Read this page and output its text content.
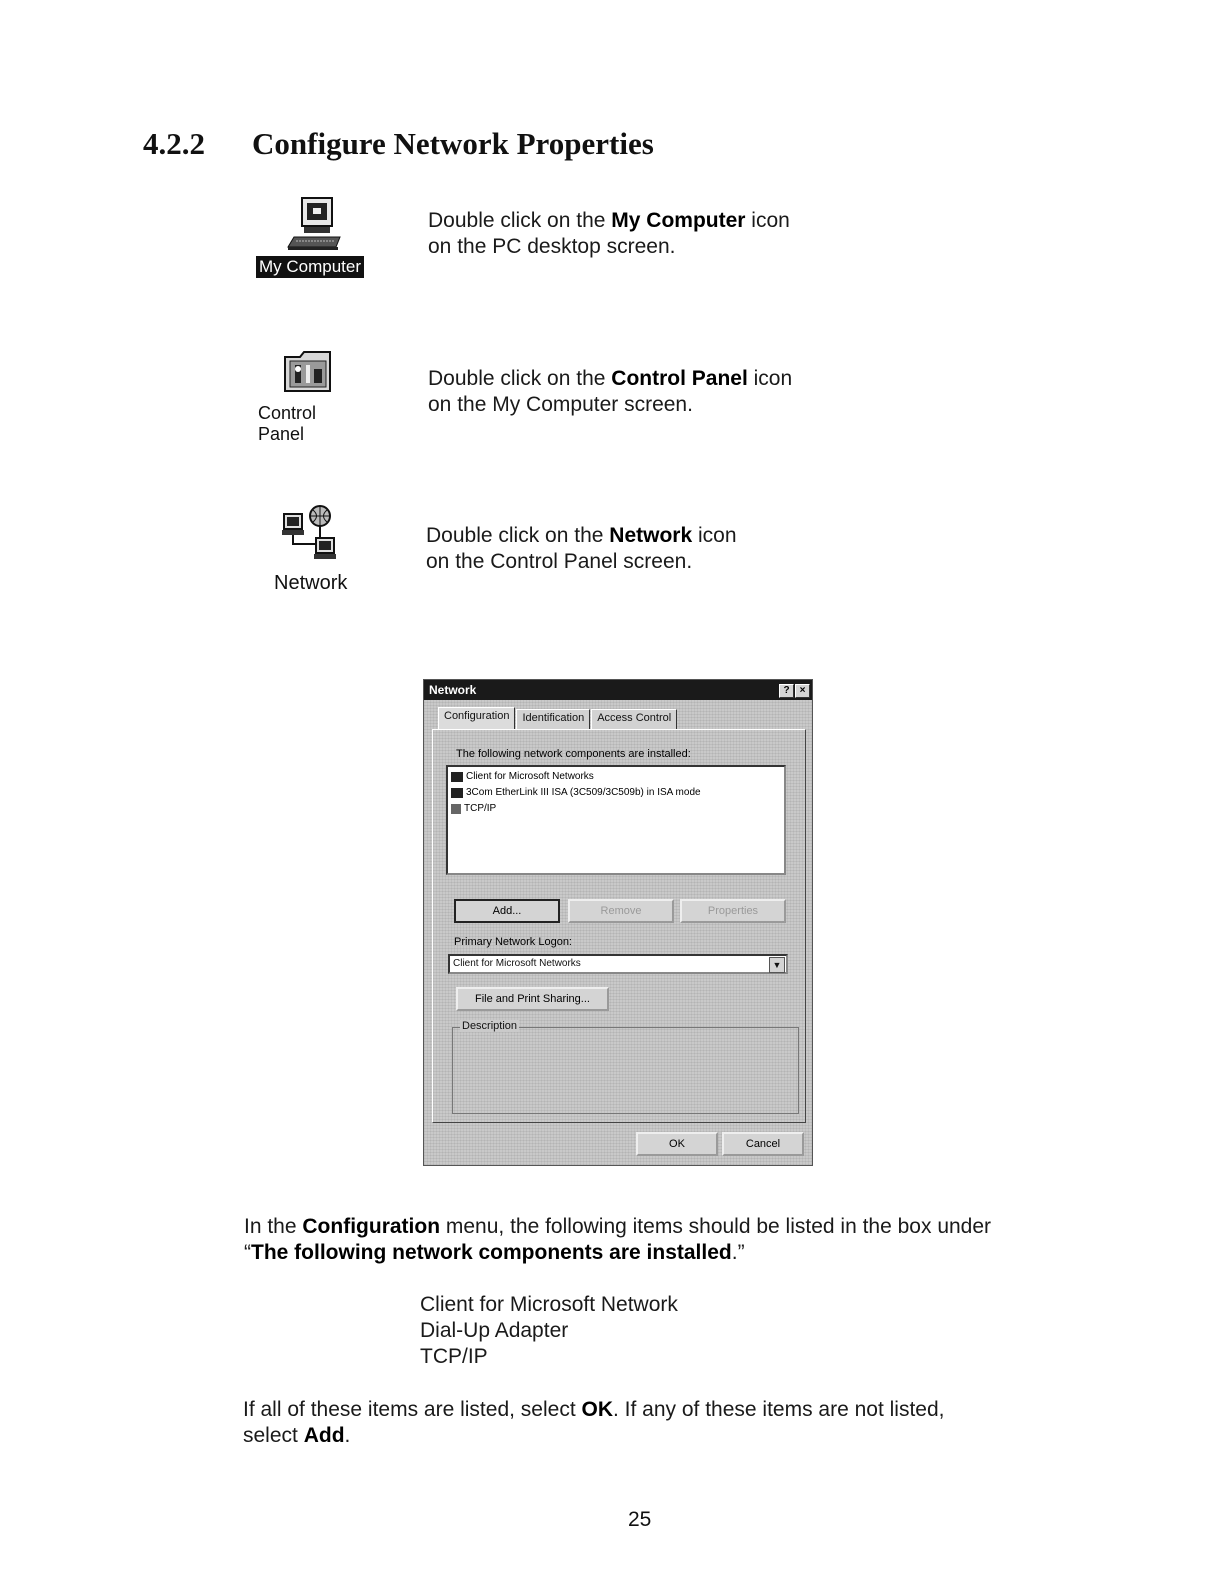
4.2.2 Configure Network Properties
My Computer
Double click on the My Computer icon
on the PC desktop screen.
Control Panel
Double click on the Control Panel icon
on the My Computer screen.
Network
Double click on the Network icon
on the Control Panel screen.
Network	?	×
Configuration	Identification	Access Control
The following network components are installed:
Client for Microsoft Networks
3Com EtherLink III ISA (3C509/3C509b) in ISA mode
TCP/IP
Add...	Remove	Properties
Primary Network Logon:
Client for Microsoft Networks	▼
File and Print Sharing...
Description
OK	Cancel
In the Configuration menu, the following items should be listed in the box under
“The following network components are installed.”
Client for Microsoft Network
Dial-Up Adapter
TCP/IP
If all of these items are listed, select OK. If any of these items are not listed,
select Add.
25
